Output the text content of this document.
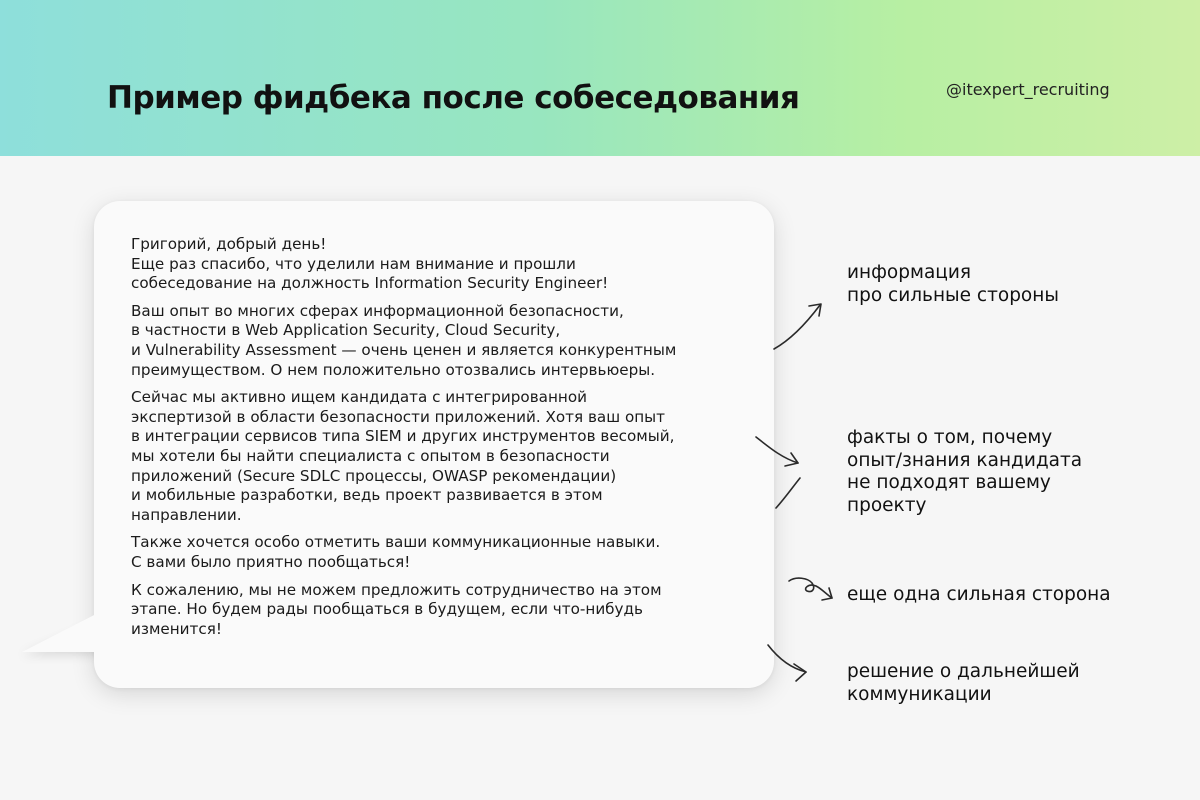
Пример фидбека после собеседования	@itexpert_recruiting

Григорий, добрый день!
Еще раз спасибо, что уделили нам внимание и прошли
собеседование на должность Information Security Engineer!

Ваш опыт во многих сферах информационной безопасности,
в частности в Web Application Security, Cloud Security,
и Vulnerability Assessment — очень ценен и является конкурентным
преимуществом. О нем положительно отозвались интервьюеры.

Сейчас мы активно ищем кандидата с интегрированной
экспертизой в области безопасности приложений. Хотя ваш опыт
в интеграции сервисов типа SIEM и других инструментов весомый,
мы хотели бы найти специалиста с опытом в безопасности
приложений (Secure SDLC процессы, OWASP рекомендации)
и мобильные разработки, ведь проект развивается в этом
направлении.

Также хочется особо отметить ваши коммуникационные навыки.
С вами было приятно пообщаться!

К сожалению, мы не можем предложить сотрудничество на этом
этапе. Но будем рады пообщаться в будущем, если что-нибудь
изменится!

информация
про сильные стороны
факты о том, почему
опыт/знания кандидата
не подходят вашему
проекту
еще одна сильная сторона
решение о дальнейшей
коммуникации
